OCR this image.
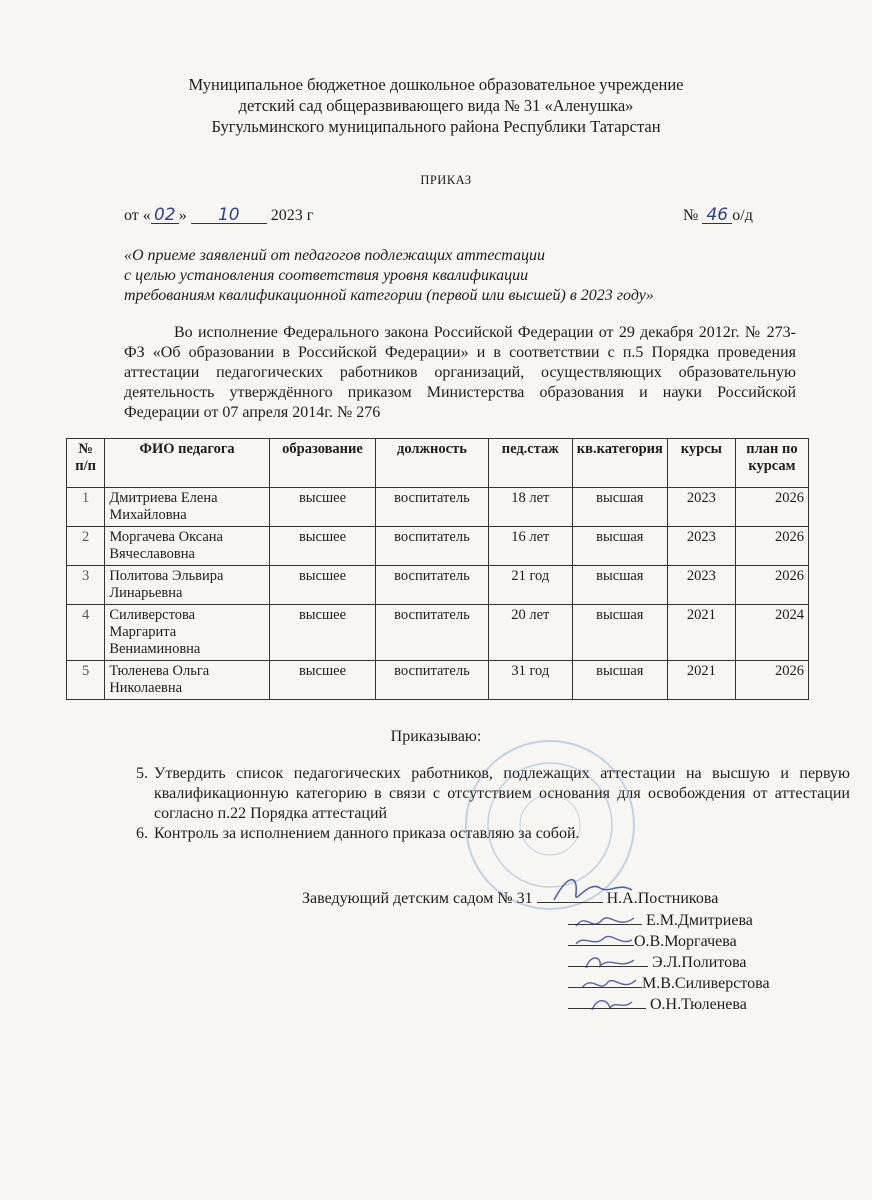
Муниципальное бюджетное дошкольное образовательное учреждение
детский сад общеразвивающего вида № 31 «Аленушка»
Бугульминского муниципального района Республики Татарстан
ПРИКАЗ
от « 02 » 10 2023 г	№ 46 о/д
«О приеме заявлений от педагогов подлежащих аттестации
с целью установления соответствия уровня квалификации
требованиям квалификационной категории (первой или высшей) в 2023 году»
Во исполнение Федерального закона Российской Федерации от 29 декабря 2012г. № 273-ФЗ «Об образовании в Российской Федерации» и в соответствии с п.5 Порядка проведения аттестации педагогических работников организаций, осуществляющих образовательную деятельность утверждённого приказом Министерства образования и науки Российской Федерации от 07 апреля 2014г. № 276
№ п/п	ФИО педагога	образование	должность	пед.стаж	кв.категория	курсы	план по курсам
1	Дмитриева Елена Михайловна	высшее	воспитатель	18 лет	высшая	2023	2026
2	Моргачева Оксана Вячеславовна	высшее	воспитатель	16 лет	высшая	2023	2026
3	Политова Эльвира Линарьевна	высшее	воспитатель	21 год	высшая	2023	2026
4	Силиверстова Маргарита Вениаминовна	высшее	воспитатель	20 лет	высшая	2021	2024
5	Тюленева Ольга Николаевна	высшее	воспитатель	31 год	высшая	2021	2026
Приказываю:
5. Утвердить список педагогических работников, подлежащих аттестации на высшую и первую квалификационную категорию в связи с отсутствием основания для освобождения от аттестации согласно п.22 Порядка аттестаций
6. Контроль за исполнением данного приказа оставляю за собой.
Заведующий детским садом № 31	Н.А.Постникова
Е.М.Дмитриева
О.В.Моргачева
Э.Л.Политова
М.В.Силиверстова
О.Н.Тюленева
